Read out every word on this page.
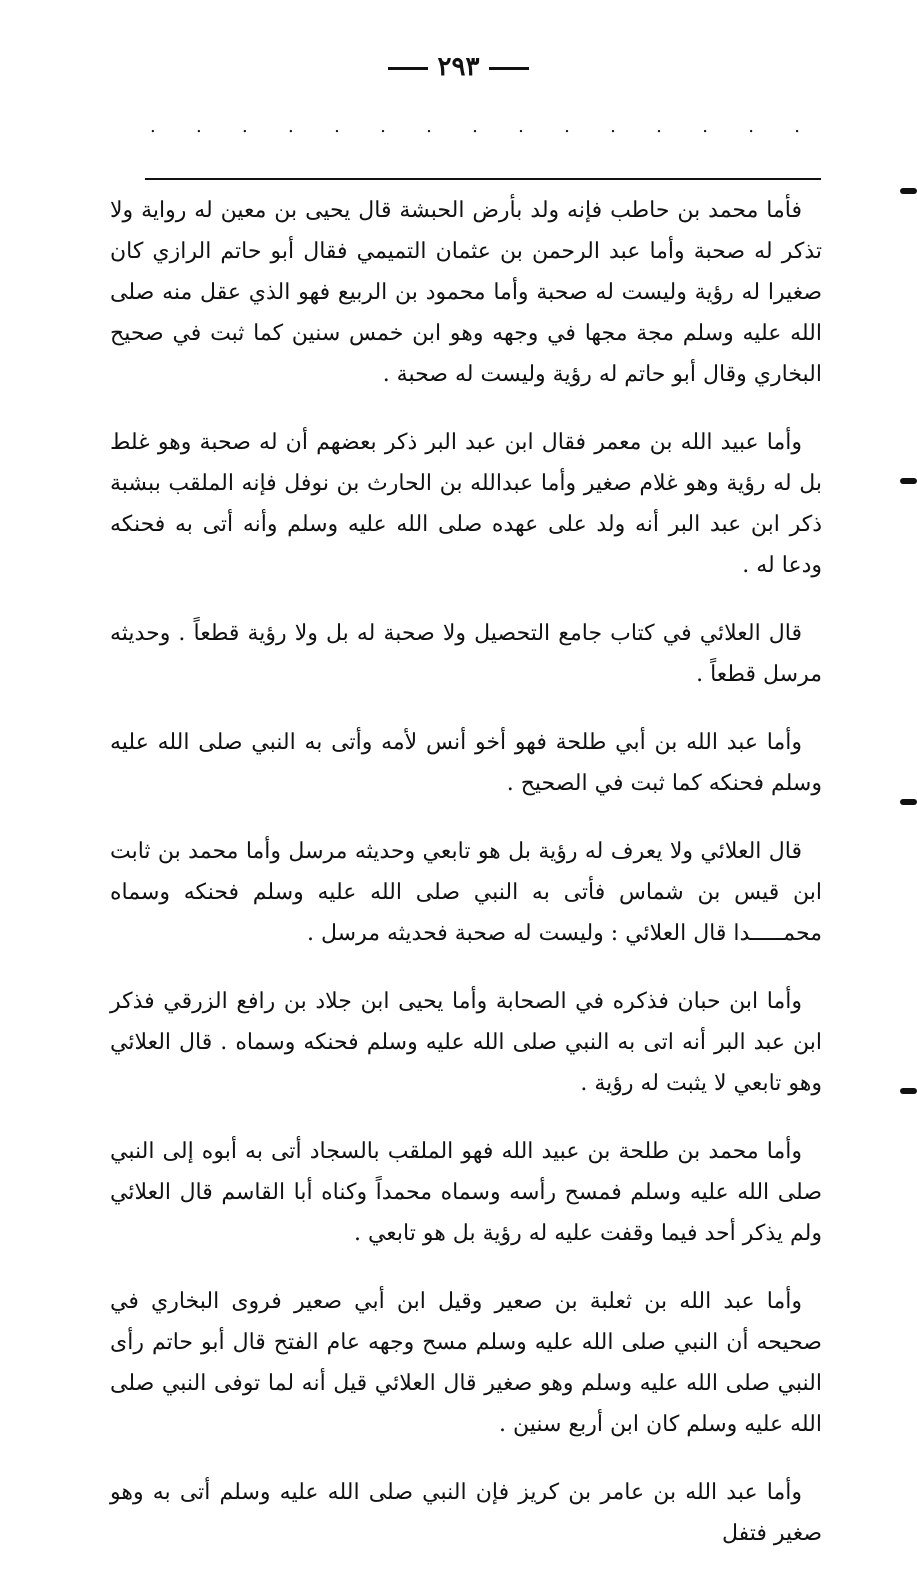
٢٩٣
. . . . . . . . . . . . . . .

فأما محمد بن حاطب فإنه ولد بأرض الحبشة قال يحيى بن معين له رواية ولا تذكر له صحبة وأما عبد الرحمن بن عثمان التميمي فقال أبو حاتم الرازي كان صغيرا له رؤية وليست له صحبة وأما محمود بن الربيع فهو الذي عقل منه صلى الله عليه وسلم مجة مجها في وجهه وهو ابن خمس سنين كما ثبت في صحيح البخاري وقال أبو حاتم له رؤية وليست له صحبة .

وأما عبيد الله بن معمر فقال ابن عبد البر ذكر بعضهم أن له صحبة وهو غلط بل له رؤية وهو غلام صغير وأما عبدالله بن الحارث بن نوفل فإنه الملقب ببشبة ذكر ابن عبد البر أنه ولد على عهده صلى الله عليه وسلم وأنه أتى به فحنكه ودعا له .

قال العلائي في كتاب جامع التحصيل ولا صحبة له بل ولا رؤية قطعاً . وحديثه مرسل قطعاً .

وأما عبد الله بن أبي طلحة فهو أخو أنس لأمه وأتى به النبي صلى الله عليه وسلم فحنكه كما ثبت في الصحيح .

قال العلائي ولا يعرف له رؤية بل هو تابعي وحديثه مرسل وأما محمد بن ثابت ابن قيس بن شماس فأتى به النبي صلى الله عليه وسلم فحنكه وسماه محمـــــدا قال العلائي : وليست له صحبة فحديثه مرسل .

وأما ابن حبان فذكره في الصحابة وأما يحيى ابن جلاد بن رافع الزرقي فذكر ابن عبد البر أنه اتى به النبي صلى الله عليه وسلم فحنكه وسماه . قال العلائي وهو تابعي لا يثبت له رؤية .

وأما محمد بن طلحة بن عبيد الله فهو الملقب بالسجاد أتى به أبوه إلى النبي صلى الله عليه وسلم فمسح رأسه وسماه محمداً وكناه أبا القاسم قال العلائي ولم يذكر أحد فيما وقفت عليه له رؤية بل هو تابعي .

وأما عبد الله بن ثعلبة بن صعير وقيل ابن أبي صعير فروى البخاري في صحيحه أن النبي صلى الله عليه وسلم مسح وجهه عام الفتح قال أبو حاتم رأى النبي صلى الله عليه وسلم وهو صغير قال العلائي قيل أنه لما توفى النبي صلى الله عليه وسلم كان ابن أربع سنين .

وأما عبد الله بن عامر بن كريز فإن النبي صلى الله عليه وسلم أتى به وهو صغير فتفل
